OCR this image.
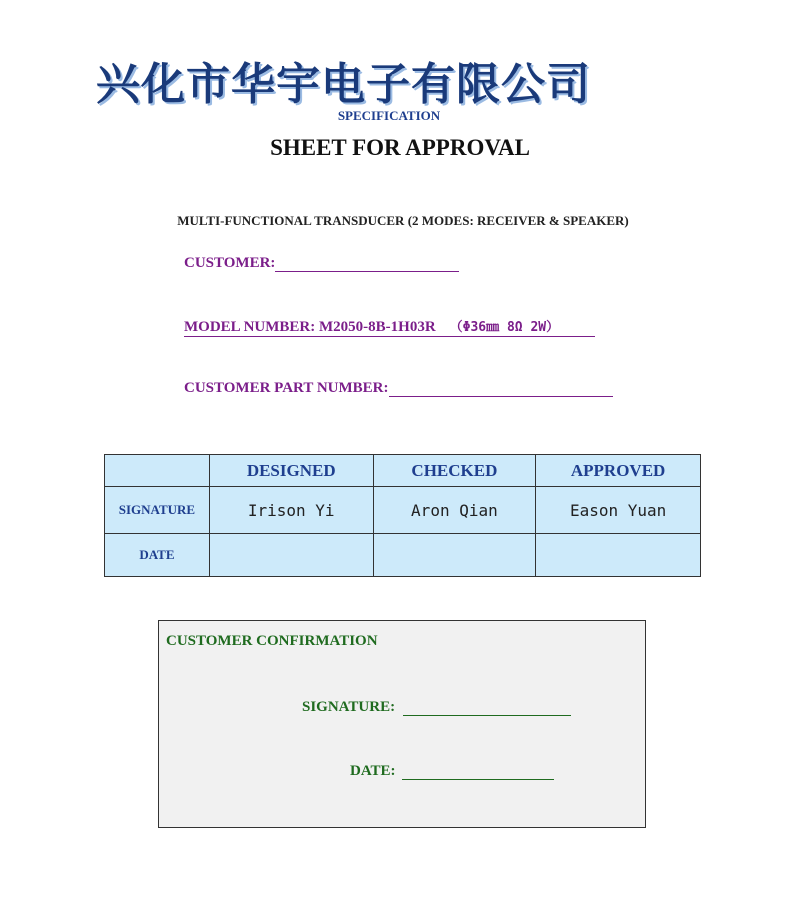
兴化市华宇电子有限公司
SPECIFICATION
SHEET FOR APPROVAL
MULTI-FUNCTIONAL TRANSDUCER (2 MODES: RECEIVER & SPEAKER)
CUSTOMER:
MODEL NUMBER: M2050-8B-1H03R （Φ36㎜ 8Ω 2W）
CUSTOMER PART NUMBER:
	DESIGNED	CHECKED	APPROVED
SIGNATURE	Irison Yi	Aron Qian	Eason Yuan
DATE			
CUSTOMER CONFIRMATION
SIGNATURE:
DATE:
